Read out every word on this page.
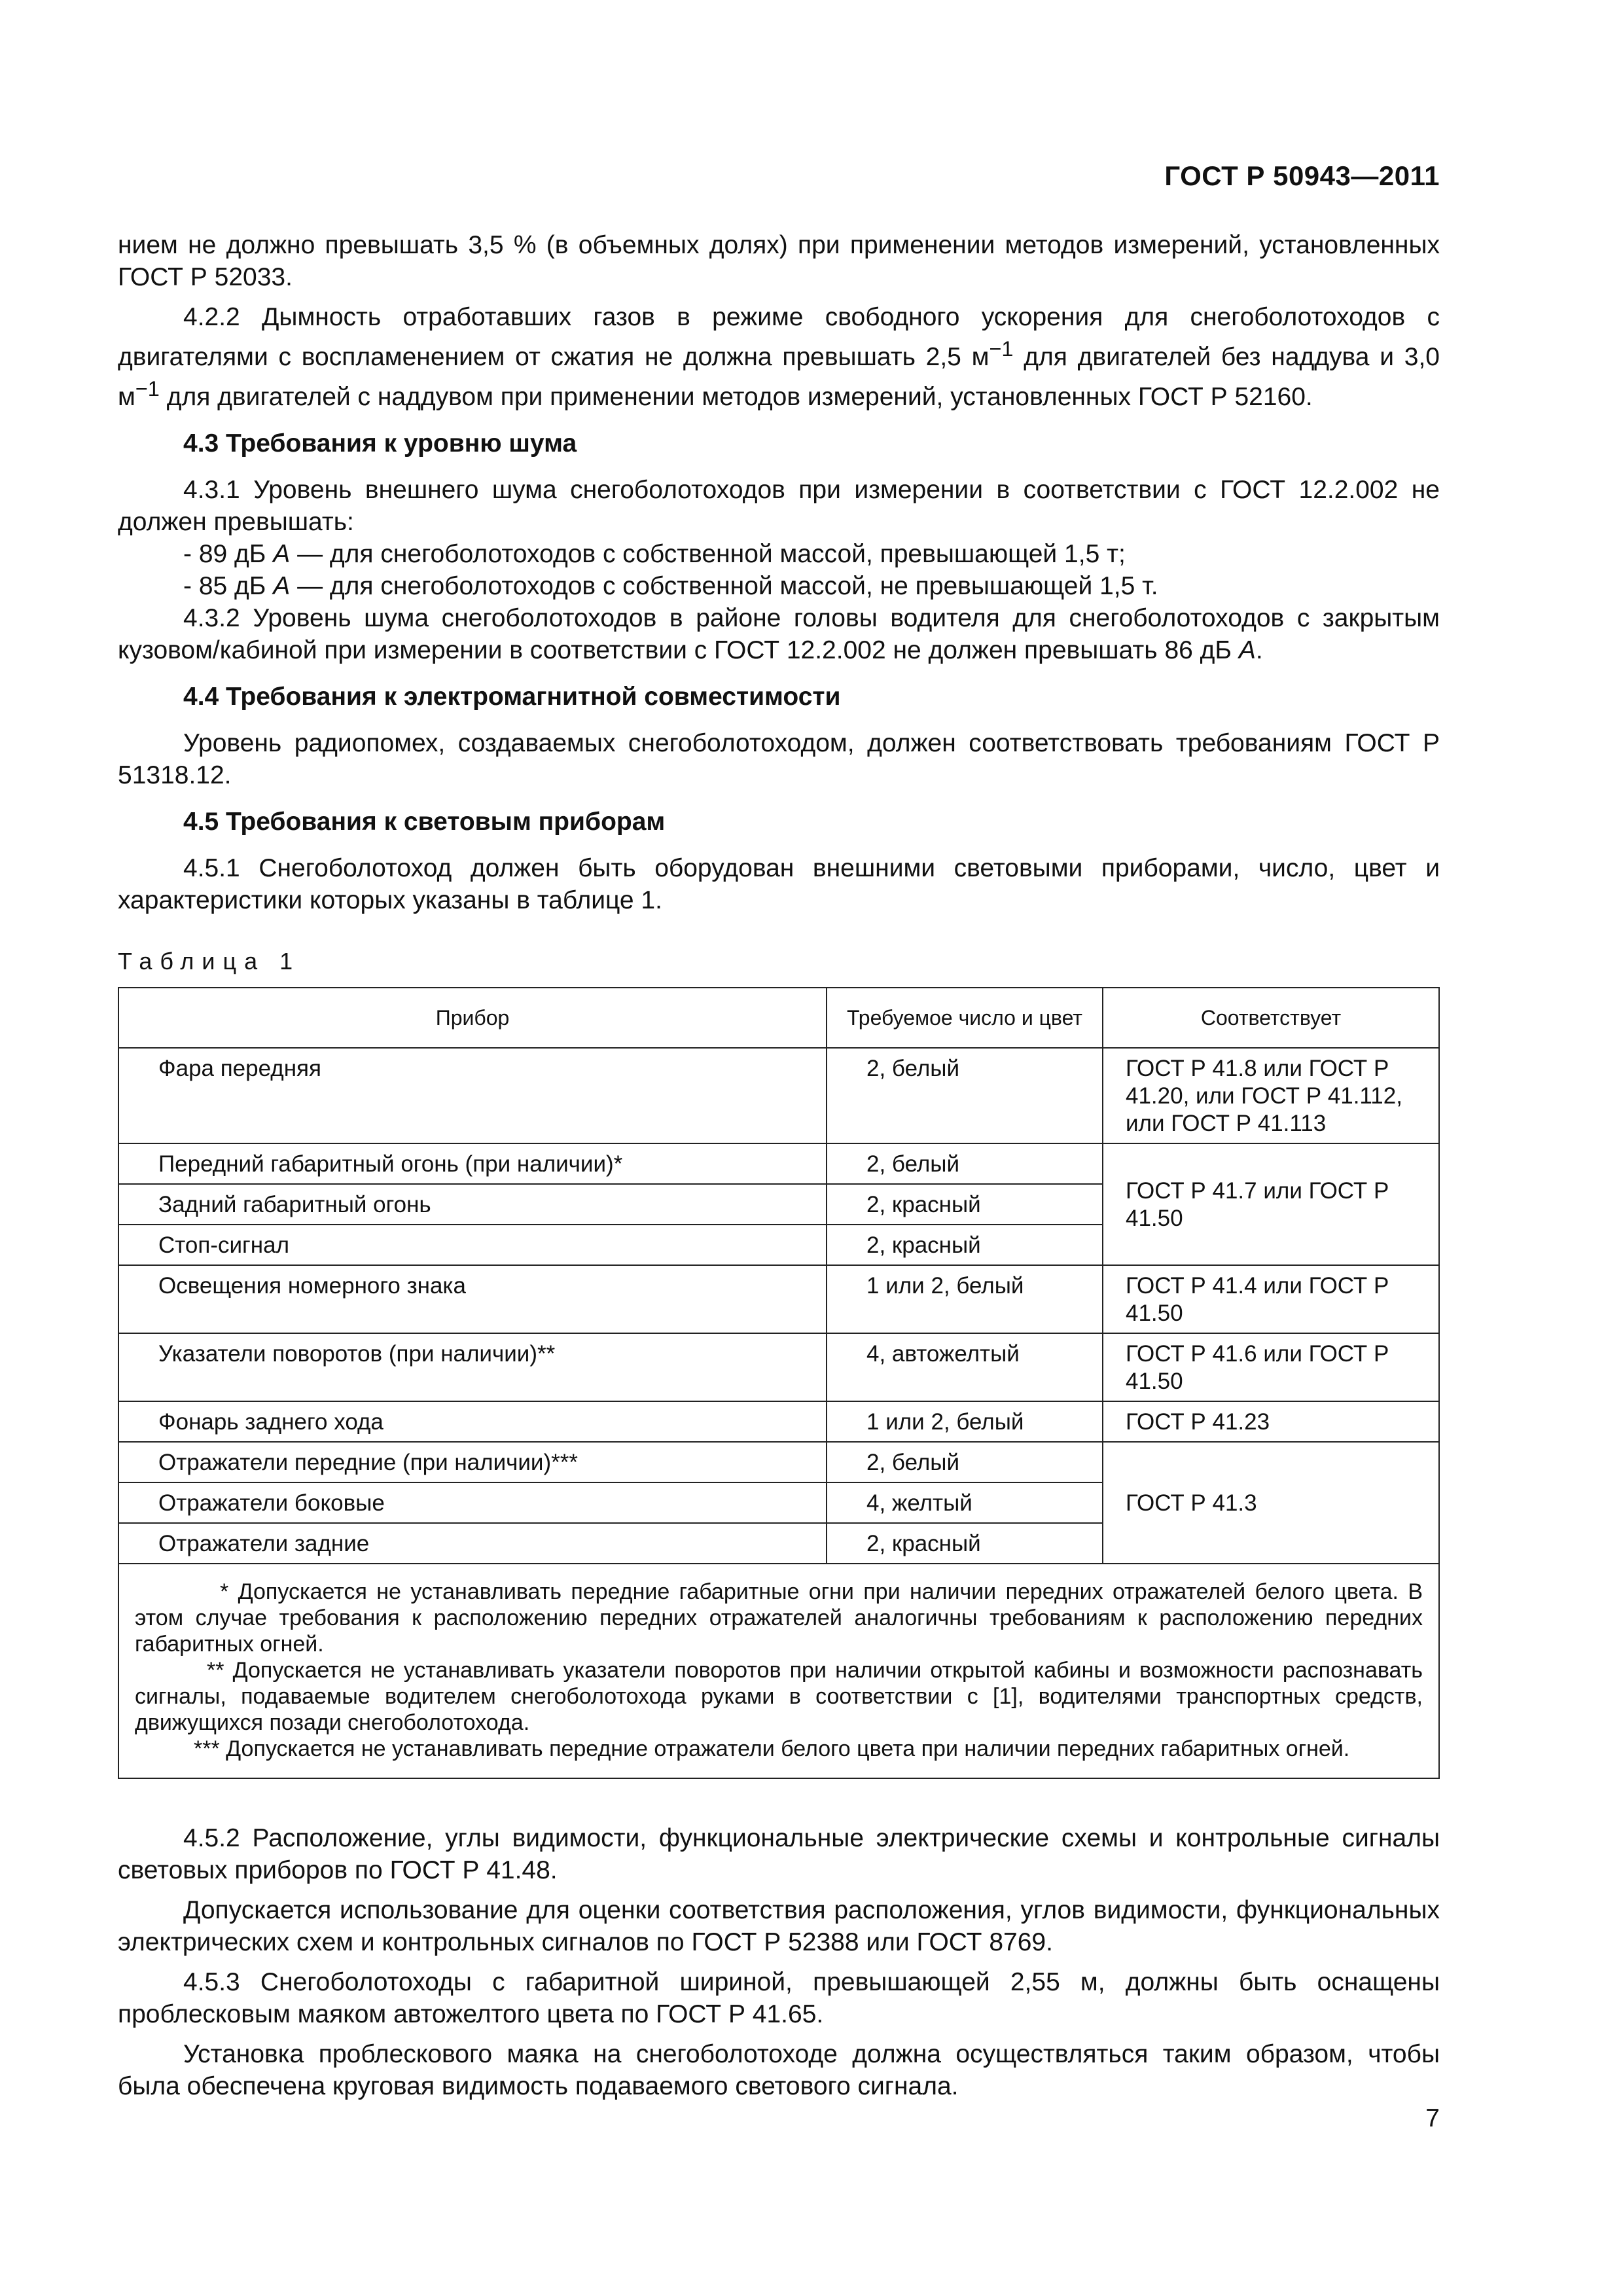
ГОСТ Р 50943—2011

нием не должно превышать 3,5 % (в объемных долях) при применении методов измерений, установленных ГОСТ Р 52033.

4.2.2 Дымность отработавших газов в режиме свободного ускорения для снегоболотоходов с двигателями с воспламенением от сжатия не должна превышать 2,5 $м^{-1}$ для двигателей без наддува и 3,0 $м^{-1}$ для двигателей с наддувом при применении методов измерений, установленных ГОСТ Р 52160.

4.3 Требования к уровню шума

4.3.1 Уровень внешнего шума снегоболотоходов при измерении в соответствии с ГОСТ 12.2.002 не должен превышать:

- 89 дБ A — для снегоболотоходов с собственной массой, превышающей 1,5 т;

- 85 дБ A — для снегоболотоходов с собственной массой, не превышающей 1,5 т.

4.3.2 Уровень шума снегоболотоходов в районе головы водителя для снегоболотоходов с закрытым кузовом/кабиной при измерении в соответствии с ГОСТ 12.2.002 не должен превышать 86 дБ A.

4.4 Требования к электромагнитной совместимости

Уровень радиопомех, создаваемых снегоболотоходом, должен соответствовать требованиям ГОСТ Р 51318.12.

4.5 Требования к световым приборам

4.5.1 Снегоболотоход должен быть оборудован внешними световыми приборами, число, цвет и характеристики которых указаны в таблице 1.

Таблица 1
Прибор	Требуемое число и цвет	Соответствует
Фара передняя	2, белый	ГОСТ Р 41.8 или ГОСТ Р 41.20, или ГОСТ Р 41.112, или ГОСТ Р 41.113
Передний габаритный огонь (при наличии)*	2, белый	ГОСТ Р 41.7 или ГОСТ Р 41.50
Задний габаритный огонь	2, красный	
Стоп-сигнал	2, красный	
Освещения номерного знака	1 или 2, белый	ГОСТ Р 41.4 или ГОСТ Р 41.50
Указатели поворотов (при наличии)**	4, автожелтый	ГОСТ Р 41.6 или ГОСТ Р 41.50
Фонарь заднего хода	1 или 2, белый	ГОСТ Р 41.23
Отражатели передние (при наличии)***	2, белый	ГОСТ Р 41.3
Отражатели боковые	4, желтый	
Отражатели задние	2, красный	

* Допускается не устанавливать передние габаритные огни при наличии передних отражателей белого цвета. В этом случае требования к расположению передних отражателей аналогичны требованиям к расположению передних габаритных огней.
** Допускается не устанавливать указатели поворотов при наличии открытой кабины и возможности распознавать сигналы, подаваемые водителем снегоболотохода руками в соответствии с [1], водителями транспортных средств, движущихся позади снегоболотохода.
*** Допускается не устанавливать передние отражатели белого цвета при наличии передних габаритных огней.		

4.5.2 Расположение, углы видимости, функциональные электрические схемы и контрольные сигналы световых приборов по ГОСТ Р 41.48.

Допускается использование для оценки соответствия расположения, углов видимости, функциональных электрических схем и контрольных сигналов по ГОСТ Р 52388 или ГОСТ 8769.

4.5.3 Снегоболотоходы с габаритной шириной, превышающей 2,55 м, должны быть оснащены проблесковым маяком автожелтого цвета по ГОСТ Р 41.65.

Установка проблескового маяка на снегоболотоходе должна осуществляться таким образом, чтобы была обеспечена круговая видимость подаваемого светового сигнала.

7
